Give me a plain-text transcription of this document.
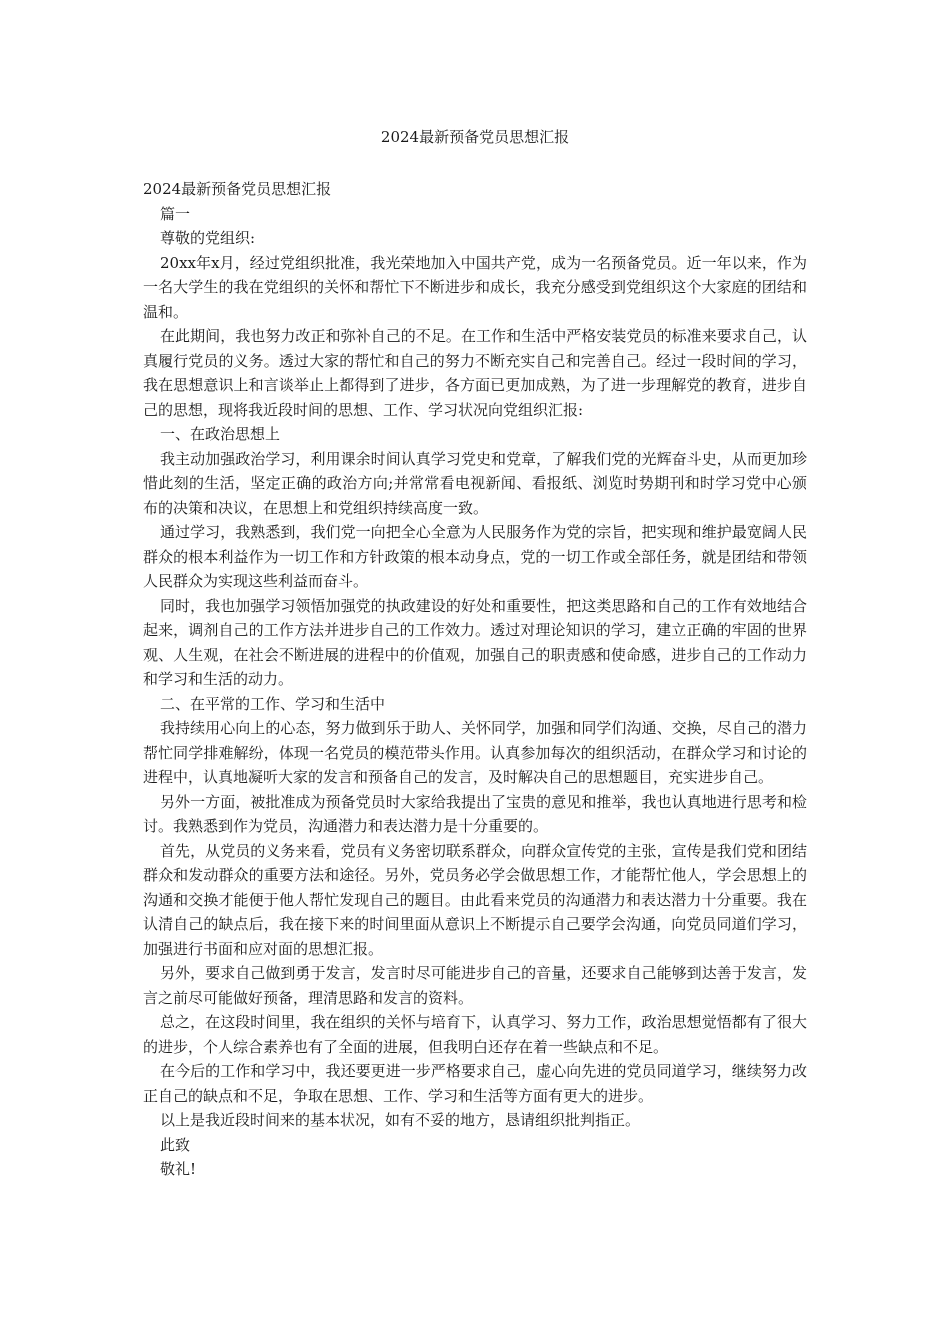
2024最新预备党员思想汇报

2024最新预备党员思想汇报

篇一

尊敬的党组织:

20xx年x月，经过党组织批准，我光荣地加入中国共产党，成为一名预备党员。近一年以来，作为一名大学生的我在党组织的关怀和帮忙下不断进步和成长，我充分感受到党组织这个大家庭的团结和温和。

在此期间，我也努力改正和弥补自己的不足。在工作和生活中严格安装党员的标准来要求自己，认真履行党员的义务。透过大家的帮忙和自己的努力不断充实自己和完善自己。经过一段时间的学习，我在思想意识上和言谈举止上都得到了进步，各方面已更加成熟，为了进一步理解党的教育，进步自己的思想，现将我近段时间的思想、工作、学习状况向党组织汇报:

一、在政治思想上

我主动加强政治学习，利用课余时间认真学习党史和党章，了解我们党的光辉奋斗史，从而更加珍惜此刻的生活，坚定正确的政治方向;并常常看电视新闻、看报纸、浏览时势期刊和时学习党中心颁布的决策和决议，在思想上和党组织持续高度一致。

通过学习，我熟悉到，我们党一向把全心全意为人民服务作为党的宗旨，把实现和维护最宽阔人民群众的根本利益作为一切工作和方针政策的根本动身点，党的一切工作或全部任务，就是团结和带领人民群众为实现这些利益而奋斗。

同时，我也加强学习领悟加强党的执政建设的好处和重要性，把这类思路和自己的工作有效地结合起来，调剂自己的工作方法并进步自己的工作效力。透过对理论知识的学习，建立正确的牢固的世界观、人生观，在社会不断进展的进程中的价值观，加强自己的职责感和使命感，进步自己的工作动力和学习和生活的动力。

二、在平常的工作、学习和生活中

我持续用心向上的心态，努力做到乐于助人、关怀同学，加强和同学们沟通、交换，尽自己的潜力帮忙同学排难解纷，体现一名党员的模范带头作用。认真参加每次的组织活动，在群众学习和讨论的进程中，认真地凝听大家的发言和预备自己的发言，及时解决自己的思想题目，充实进步自己。

另外一方面，被批准成为预备党员时大家给我提出了宝贵的意见和推举，我也认真地进行思考和检讨。我熟悉到作为党员，沟通潜力和表达潜力是十分重要的。

首先，从党员的义务来看，党员有义务密切联系群众，向群众宣传党的主张，宣传是我们党和团结群众和发动群众的重要方法和途径。另外，党员务必学会做思想工作，才能帮忙他人，学会思想上的沟通和交换才能便于他人帮忙发现自己的题目。由此看来党员的沟通潜力和表达潜力十分重要。我在认清自己的缺点后，我在接下来的时间里面从意识上不断提示自己要学会沟通，向党员同道们学习，加强进行书面和应对面的思想汇报。

另外，要求自己做到勇于发言，发言时尽可能进步自己的音量，还要求自己能够到达善于发言，发言之前尽可能做好预备，理清思路和发言的资料。

总之，在这段时间里，我在组织的关怀与培育下，认真学习、努力工作，政治思想觉悟都有了很大的进步，个人综合素养也有了全面的进展，但我明白还存在着一些缺点和不足。

在今后的工作和学习中，我还要更进一步严格要求自己，虚心向先进的党员同道学习，继续努力改正自己的缺点和不足，争取在思想、工作、学习和生活等方面有更大的进步。

以上是我近段时间来的基本状况，如有不妥的地方，恳请组织批判指正。

此致

敬礼!
